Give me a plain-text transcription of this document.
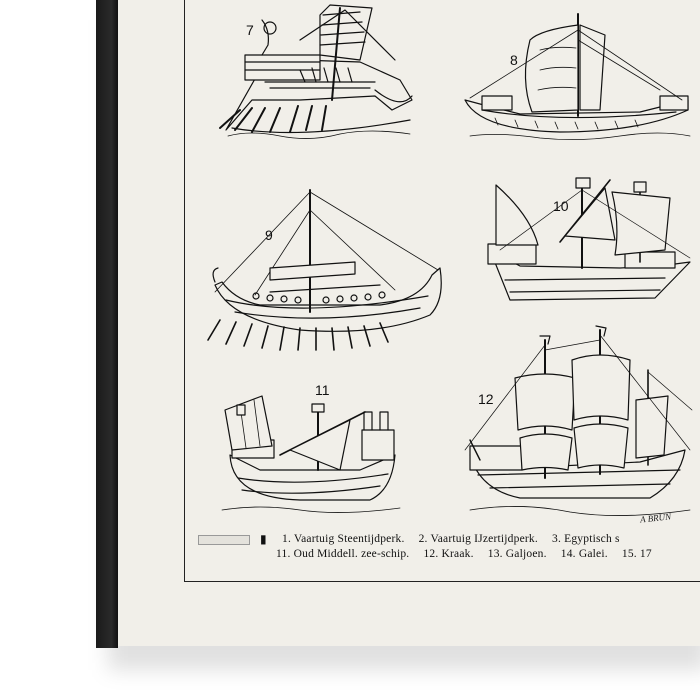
7
8
9
10
11
12
A BRUN
▮ 1. Vaartuig Steentijdperk. 2. Vaartuig IJzertijdperk. 3. Egyptisch s
11. Oud Middell. zee-schip. 12. Kraak. 13. Galjoen. 14. Galei. 15. 17
